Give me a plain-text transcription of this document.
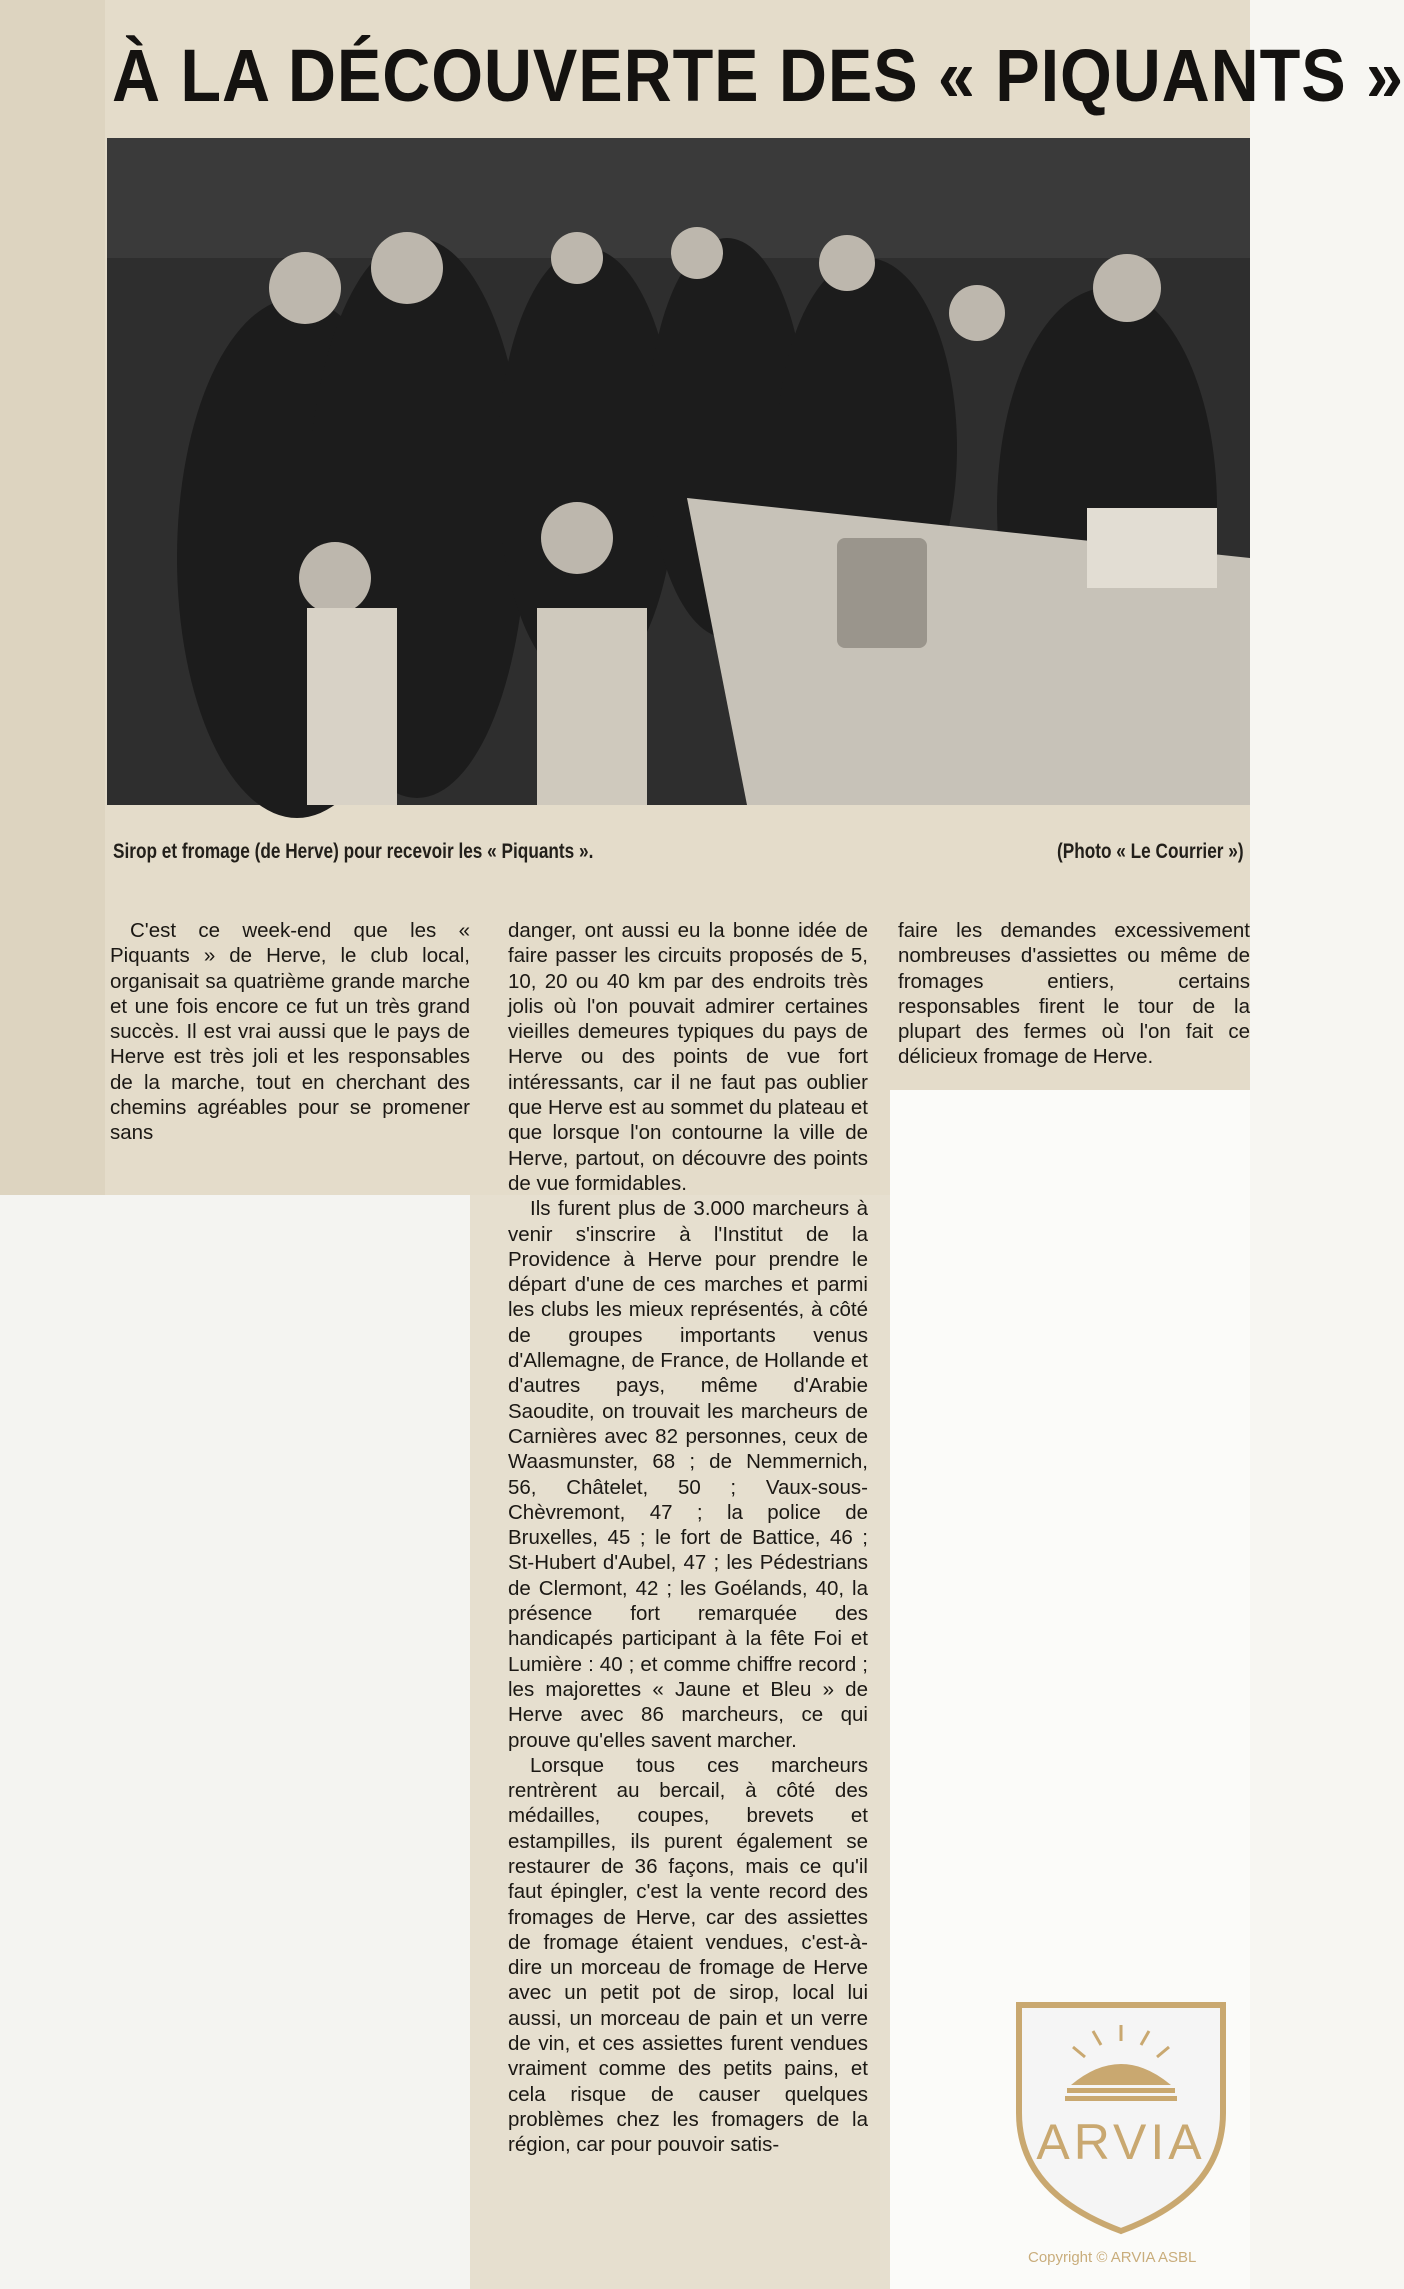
À LA DÉCOUVERTE DES « PIQUANTS »
Sirop et fromage (de Herve) pour recevoir les « Piquants ».	(Photo « Le Courrier »)

C'est ce week-end que les « Piquants » de Herve, le club local, organisait sa quatrième grande marche et une fois encore ce fut un très grand succès. Il est vrai aussi que le pays de Herve est très joli et les responsables de la marche, tout en cherchant des chemins agréables pour se promener sans

danger, ont aussi eu la bonne idée de faire passer les circuits proposés de 5, 10, 20 ou 40 km par des endroits très jolis où l'on pouvait admirer certaines vieilles demeures typiques du pays de Herve ou des points de vue fort intéressants, car il ne faut pas oublier que Herve est au sommet du plateau et que lorsque l'on contourne la ville de Herve, partout, on découvre des points de vue formidables.

Ils furent plus de 3.000 marcheurs à venir s'inscrire à l'Institut de la Providence à Herve pour prendre le départ d'une de ces marches et parmi les clubs les mieux représentés, à côté de groupes importants venus d'Allemagne, de France, de Hollande et d'autres pays, même d'Arabie Saoudite, on trouvait les marcheurs de Carnières avec 82 personnes, ceux de Waasmunster, 68 ; de Nemmernich, 56, Châtelet, 50 ; Vaux-sous-Chèvremont, 47 ; la police de Bruxelles, 45 ; le fort de Battice, 46 ; St-Hubert d'Aubel, 47 ; les Pédestrians de Clermont, 42 ; les Goélands, 40, la présence fort remarquée des handicapés participant à la fête Foi et Lumière : 40 ; et comme chiffre record ; les majorettes « Jaune et Bleu » de Herve avec 86 marcheurs, ce qui prouve qu'elles savent marcher.

Lorsque tous ces marcheurs rentrèrent au bercail, à côté des médailles, coupes, brevets et estampilles, ils purent également se restaurer de 36 façons, mais ce qu'il faut épingler, c'est la vente record des fromages de Herve, car des assiettes de fromage étaient vendues, c'est-à-dire un morceau de fromage de Herve avec un petit pot de sirop, local lui aussi, un morceau de pain et un verre de vin, et ces assiettes furent vendues vraiment comme des petits pains, et cela risque de causer quelques problèmes chez les fromagers de la région, car pour pouvoir satis-

faire les demandes excessivement nombreuses d'assiettes ou même de fromages entiers, certains responsables firent le tour de la plupart des fermes où l'on fait ce délicieux fromage de Herve.

ARVIA
Copyright © ARVIA ASBL
